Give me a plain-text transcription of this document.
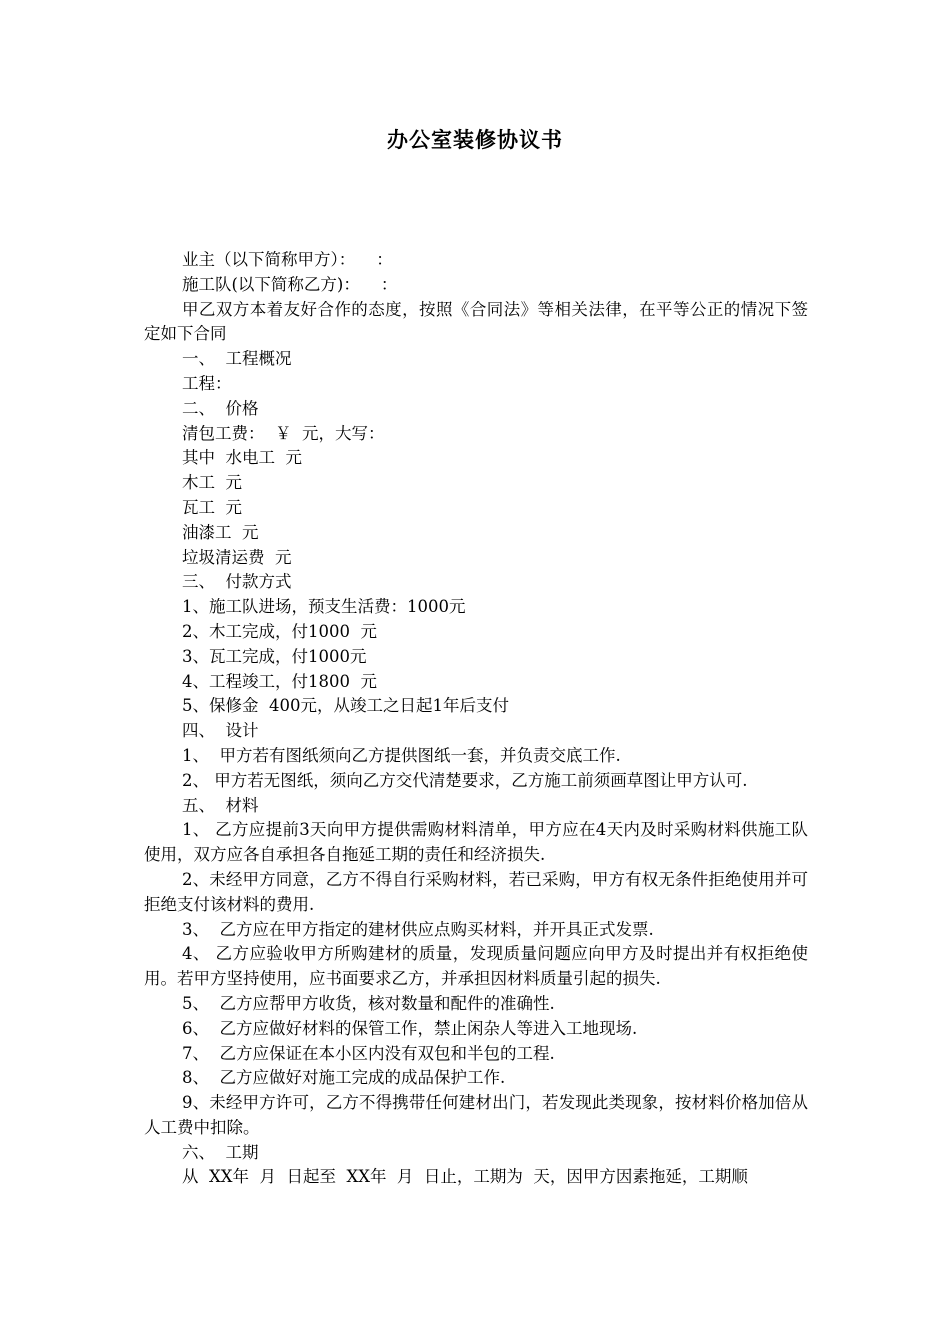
办公室装修协议书
业主（以下简称甲方）：    ：
施工队(以下简称乙方)：    ：
甲乙双方本着友好合作的态度，按照《合同法》等相关法律，在平等公正的情况下签定如下合同
一、  工程概况
工程：
二、  价格
清包工费：  ￥  元，大写：
其中  水电工  元
木工  元
瓦工  元
油漆工  元
垃圾清运费  元
三、  付款方式
1、施工队进场，预支生活费：1000元
2、木工完成，付1000  元
3、瓦工完成，付1000元
4、工程竣工，付1800  元
5、保修金  400元，从竣工之日起1年后支付
四、  设计
1、  甲方若有图纸须向乙方提供图纸一套，并负责交底工作.
2、 甲方若无图纸，须向乙方交代清楚要求，乙方施工前须画草图让甲方认可.
五、  材料
1、 乙方应提前3天向甲方提供需购材料清单，甲方应在4天内及时采购材料供施工队使用，双方应各自承担各自拖延工期的责任和经济损失.
2、未经甲方同意，乙方不得自行采购材料，若已采购，甲方有权无条件拒绝使用并可拒绝支付该材料的费用.
3、  乙方应在甲方指定的建材供应点购买材料，并开具正式发票.
4、 乙方应验收甲方所购建材的质量，发现质量问题应向甲方及时提出并有权拒绝使用。若甲方坚持使用，应书面要求乙方，并承担因材料质量引起的损失.
5、  乙方应帮甲方收货，核对数量和配件的准确性.
6、  乙方应做好材料的保管工作，禁止闲杂人等进入工地现场.
7、  乙方应保证在本小区内没有双包和半包的工程.
8、  乙方应做好对施工完成的成品保护工作.
9、未经甲方许可，乙方不得携带任何建材出门，若发现此类现象，按材料价格加倍从人工费中扣除。
六、  工期
从  XX年  月  日起至  XX年  月  日止，工期为  天，因甲方因素拖延，工期顺
